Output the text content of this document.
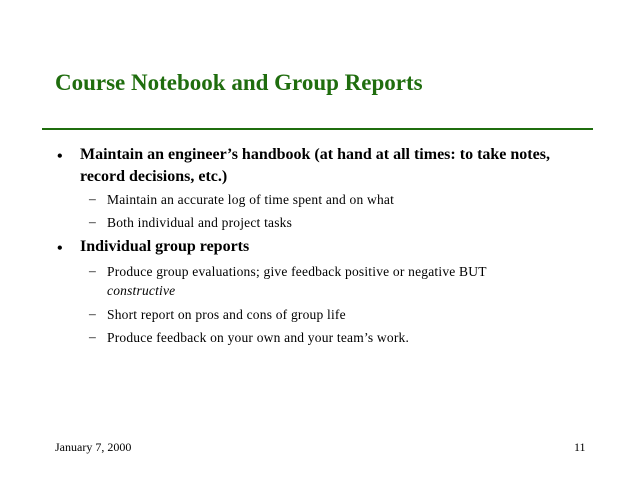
Course Notebook and Group Reports
• Maintain an engineer’s handbook (at hand at all times: to take notes, record decisions, etc.)
– Maintain an accurate log of time spent and on what
– Both individual and project tasks
• Individual group reports
– Produce group evaluations; give feedback positive or negative BUT
constructive
– Short report on pros and cons of group life
– Produce feedback on your own and your team’s work.
January 7, 2000	11
